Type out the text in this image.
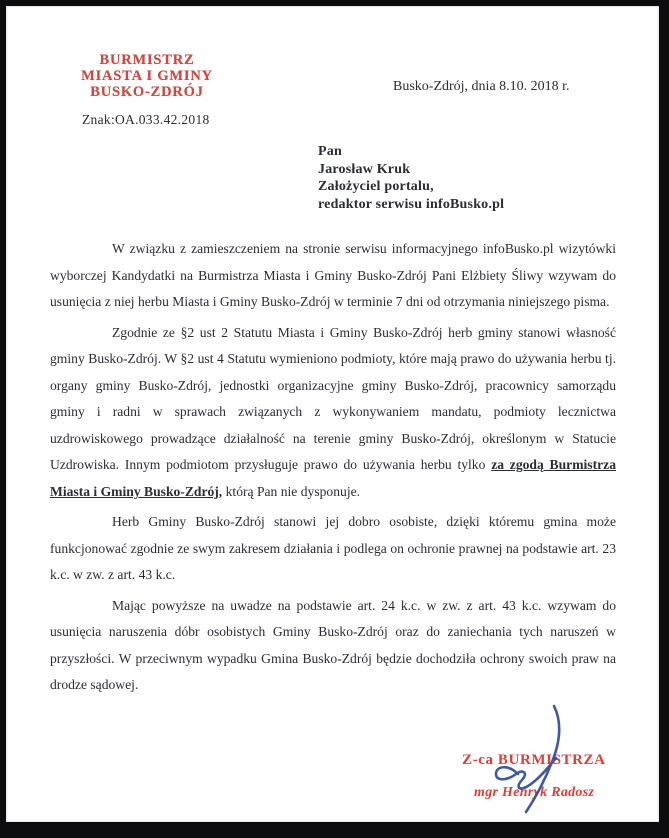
BURMISTRZ
MIASTA I GMINY
BUSKO-ZDRÓJ
Znak:OA.033.42.2018
Busko-Zdrój, dnia 8.10. 2018 r.
Pan
Jarosław Kruk
Założyciel portalu,
redaktor serwisu infoBusko.pl

W związku z zamieszczeniem na stronie serwisu informacyjnego infoBusko.pl wizytówki wyborczej Kandydatki na Burmistrza Miasta i Gminy Busko-Zdrój Pani Elżbiety Śliwy wzywam do usunięcia z niej herbu Miasta i Gminy Busko-Zdrój w terminie 7 dni od otrzymania niniejszego pisma.

Zgodnie ze §2 ust 2 Statutu Miasta i Gminy Busko-Zdrój herb gminy stanowi własność gminy Busko-Zdrój. W §2 ust 4 Statutu wymieniono podmioty, które mają prawo do używania herbu tj. organy gminy Busko-Zdrój, jednostki organizacyjne gminy Busko-Zdrój, pracownicy samorządu gminy i radni w sprawach związanych z wykonywaniem mandatu, podmioty lecznictwa uzdrowiskowego prowadzące działalność na terenie gminy Busko-Zdrój, określonym w Statucie Uzdrowiska. Innym podmiotom przysługuje prawo do używania herbu tylko za zgodą Burmistrza Miasta i Gminy Busko-Zdrój, którą Pan nie dysponuje.

Herb Gminy Busko-Zdrój stanowi jej dobro osobiste, dzięki któremu gmina może funkcjonować zgodnie ze swym zakresem działania i podlega on ochronie prawnej na podstawie art. 23 k.c. w zw. z art. 43 k.c.

Mając powyższe na uwadze na podstawie art. 24 k.c. w zw. z art. 43 k.c. wzywam do usunięcia naruszenia dóbr osobistych Gminy Busko-Zdrój oraz do zaniechania tych naruszeń w przyszłości. W przeciwnym wypadku Gmina Busko-Zdrój będzie dochodziła ochrony swoich praw na drodze sądowej.

Z-ca BURMISTRZA
mgr Henryk Radosz
